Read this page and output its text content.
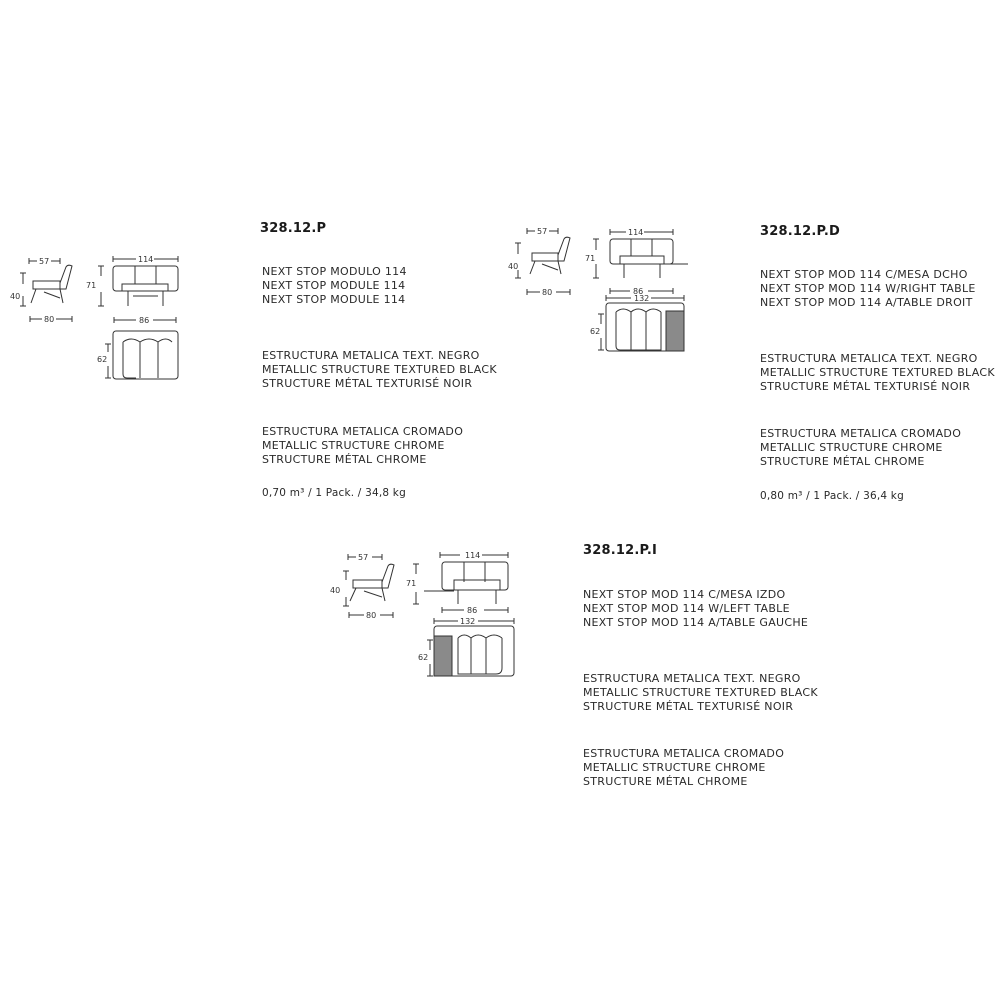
57
40
80
114
71
86
62
328.12.P
NEXT STOP MODULO 114
NEXT STOP MODULE 114
NEXT STOP MODULE 114
ESTRUCTURA METALICA TEXT. NEGRO
METALLIC STRUCTURE TEXTURED BLACK
STRUCTURE MÉTAL TEXTURISÉ NOIR
ESTRUCTURA METALICA CROMADO
METALLIC STRUCTURE CHROME
STRUCTURE MÉTAL CHROME
0,70 m³ / 1 Pack. / 34,8 kg
57
40
80
114
71
86
132
62
328.12.P.D
NEXT STOP MOD 114 C/MESA DCHO
NEXT STOP MOD 114 W/RIGHT TABLE
NEXT STOP MOD 114 A/TABLE DROIT
ESTRUCTURA METALICA TEXT. NEGRO
METALLIC STRUCTURE TEXTURED BLACK
STRUCTURE MÉTAL TEXTURISÉ NOIR
ESTRUCTURA METALICA CROMADO
METALLIC STRUCTURE CHROME
STRUCTURE MÉTAL CHROME
0,80 m³ / 1 Pack. / 36,4 kg
57
40
80
114
71
86
132
62
328.12.P.I
NEXT STOP MOD 114 C/MESA IZDO
NEXT STOP MOD 114 W/LEFT TABLE
NEXT STOP MOD 114 A/TABLE GAUCHE
ESTRUCTURA METALICA TEXT. NEGRO
METALLIC STRUCTURE TEXTURED BLACK
STRUCTURE MÉTAL TEXTURISÉ NOIR
ESTRUCTURA METALICA CROMADO
METALLIC STRUCTURE CHROME
STRUCTURE MÉTAL CHROME
